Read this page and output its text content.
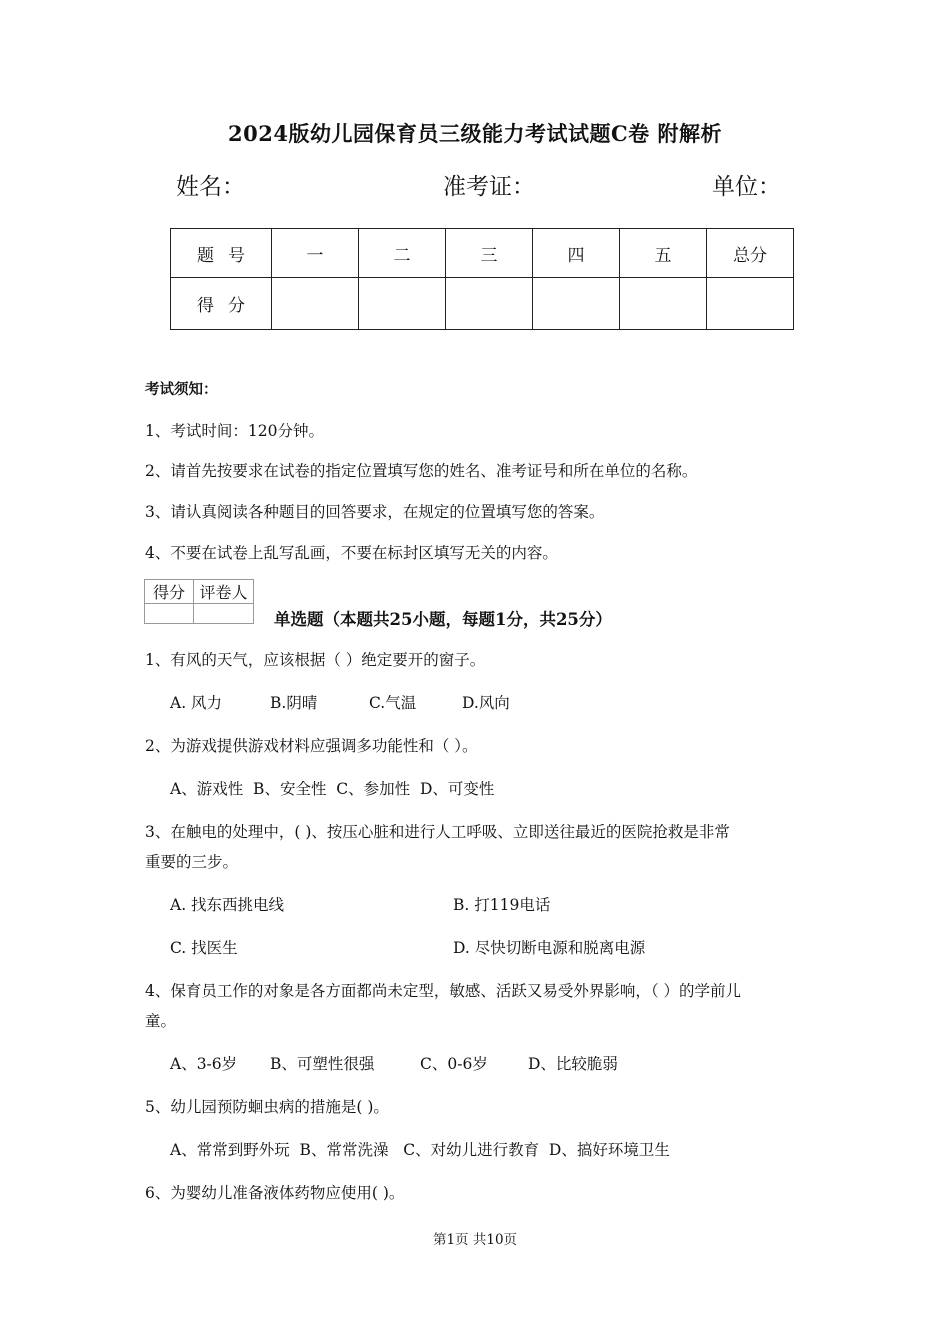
2024版幼儿园保育员三级能力考试试题C卷 附解析
姓名：	准考证：	单位：
题号	一	二	三	四	五	总分
得分						
考试须知：
1、考试时间：120分钟。
2、请首先按要求在试卷的指定位置填写您的姓名、准考证号和所在单位的名称。
3、请认真阅读各种题目的回答要求，在规定的位置填写您的答案。
4、不要在试卷上乱写乱画，不要在标封区填写无关的内容。
得分	评卷人

单选题（本题共25小题，每题1分，共25分）
1、有风的天气，应该根据（ ）绝定要开的窗子。
A. 风力	B.阴晴	C.气温	D.风向
2、为游戏提供游戏材料应强调多功能性和（ ）。
A、游戏性  B、安全性  C、参加性  D、可变性
3、在触电的处理中，( )、按压心脏和进行人工呼吸、立即送往最近的医院抢救是非常
重要的三步。
A. 找东西挑电线	B. 打119电话
C. 找医生	D. 尽快切断电源和脱离电源
4、保育员工作的对象是各方面都尚未定型，敏感、活跃又易受外界影响，（ ）的学前儿
童。
A、3-6岁 B、可塑性很强	C、0-6岁	D、比较脆弱
5、幼儿园预防蛔虫病的措施是( )。
A、常常到野外玩  B、常常洗澡   C、对幼儿进行教育  D、搞好环境卫生
6、为婴幼儿准备液体药物应使用( )。
第1页 共10页
